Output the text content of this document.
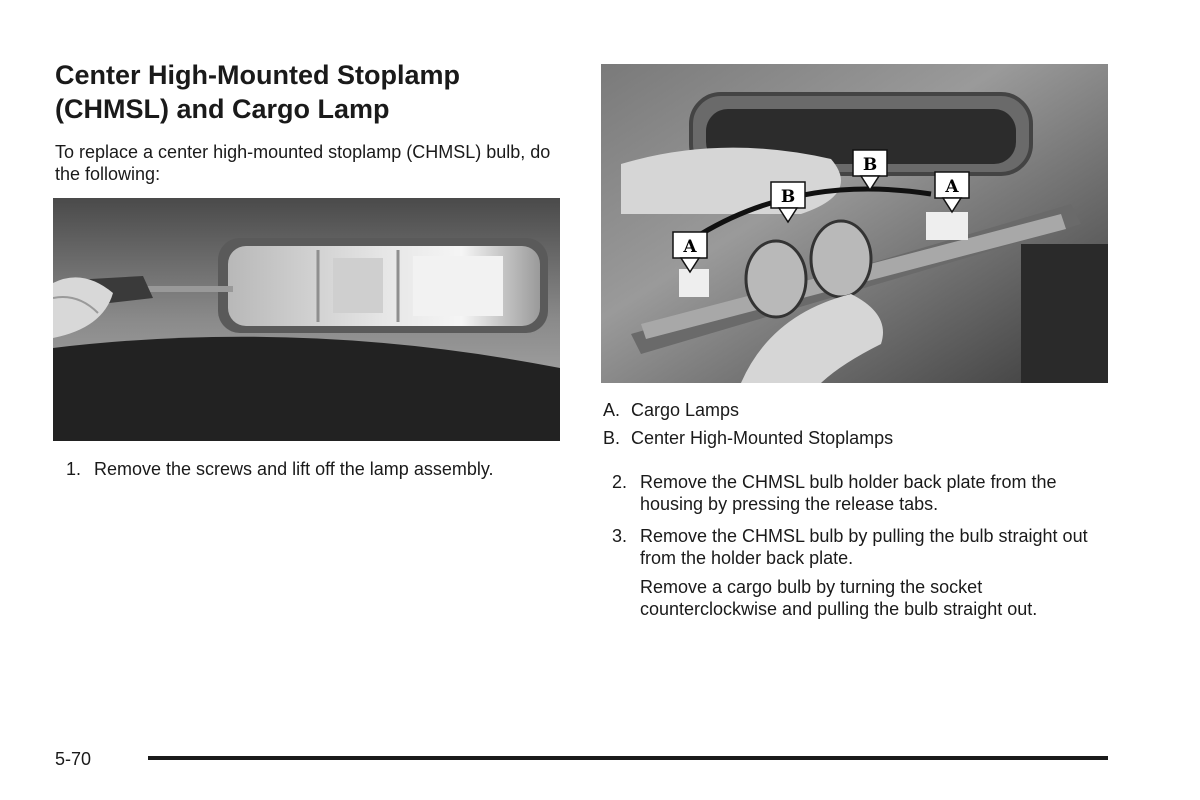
Center High-Mounted Stoplamp
(CHMSL) and Cargo Lamp
To replace a center high-mounted stoplamp (CHMSL) bulb, do the following:
A
B
B
A
A. Cargo Lamps
B. Center High-Mounted Stoplamps
1. Remove the screws and lift off the lamp assembly.
2. Remove the CHMSL bulb holder back plate from the housing by pressing the release tabs.
3. Remove the CHMSL bulb by pulling the bulb straight out from the holder back plate.
Remove a cargo bulb by turning the socket counterclockwise and pulling the bulb straight out.
5-70
